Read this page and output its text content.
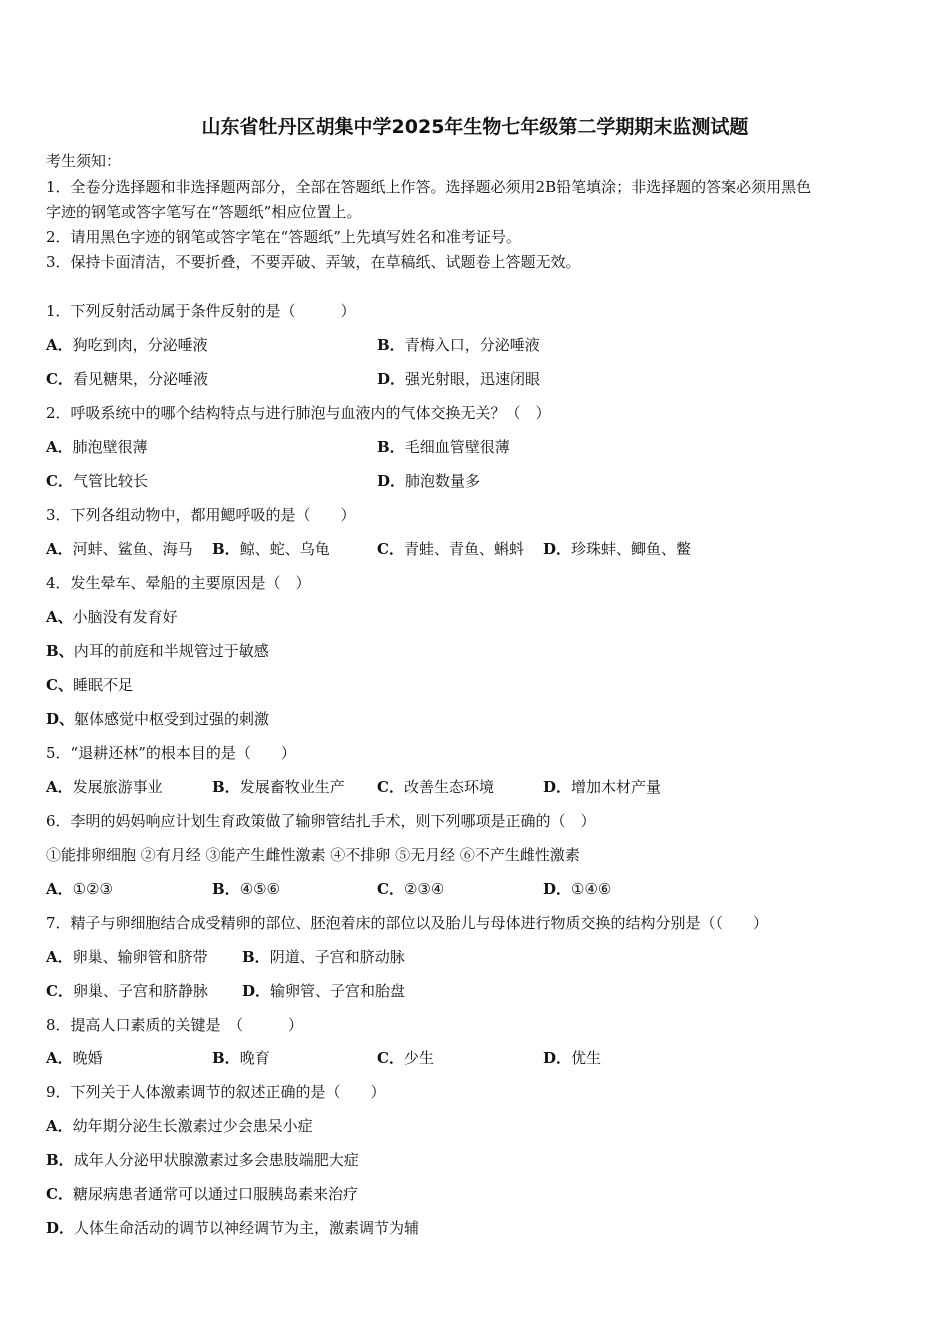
山东省牡丹区胡集中学2025年生物七年级第二学期期末监测试题
考生须知：
1．全卷分选择题和非选择题两部分，全部在答题纸上作答。选择题必须用2B铅笔填涂；非选择题的答案必须用黑色
字迹的钢笔或答字笔写在“答题纸”相应位置上。
2．请用黑色字迹的钢笔或答字笔在“答题纸”上先填写姓名和准考证号。
3．保持卡面清洁，不要折叠，不要弄破、弄皱，在草稿纸、试题卷上答题无效。
1．下列反射活动属于条件反射的是（　　　）
A．狗吃到肉，分泌唾液	B．青梅入口，分泌唾液
C．看见糖果，分泌唾液	D．强光射眼，迅速闭眼
2．呼吸系统中的哪个结构特点与进行肺泡与血液内的气体交换无关？（　）
A．肺泡壁很薄	B．毛细血管壁很薄
C．气管比较长	D．肺泡数量多
3．下列各组动物中，都用鳃呼吸的是（　　）
A．河蚌、鲨鱼、海马 B．鲸、蛇、乌龟	C．青蛙、青鱼、蝌蚪 D．珍珠蚌、鲫鱼、鳖
4．发生晕车、晕船的主要原因是（　）
A、小脑没有发育好
B、内耳的前庭和半规管过于敏感
C、睡眠不足
D、躯体感觉中枢受到过强的刺激
5．“退耕还林”的根本目的是（　　）
A．发展旅游事业	B．发展畜牧业生产 C．改善生态环境	D．增加木材产量
6．李明的妈妈响应计划生育政策做了输卵管结扎手术，则下列哪项是正确的（　）
①能排卵细胞 ②有月经 ③能产生雌性激素 ④不排卵 ⑤无月经 ⑥不产生雌性激素
A．①②③	B．④⑤⑥	C．②③④	D．①④⑥
7．精子与卵细胞结合成受精卵的部位、胚泡着床的部位以及胎儿与母体进行物质交换的结构分别是（（　　）
A．卵巢、输卵管和脐带 B．阴道、子宫和脐动脉
C．卵巢、子宫和脐静脉 D．输卵管、子宫和胎盘
8．提高人口素质的关键是　（　　　）
A．晚婚	B．晚育	C．少生	D．优生
9．下列关于人体激素调节的叙述正确的是（　　）
A．幼年期分泌生长激素过少会患呆小症
B．成年人分泌甲状腺激素过多会患肢端肥大症
C．糖尿病患者通常可以通过口服胰岛素来治疗
D．人体生命活动的调节以神经调节为主，激素调节为辅
